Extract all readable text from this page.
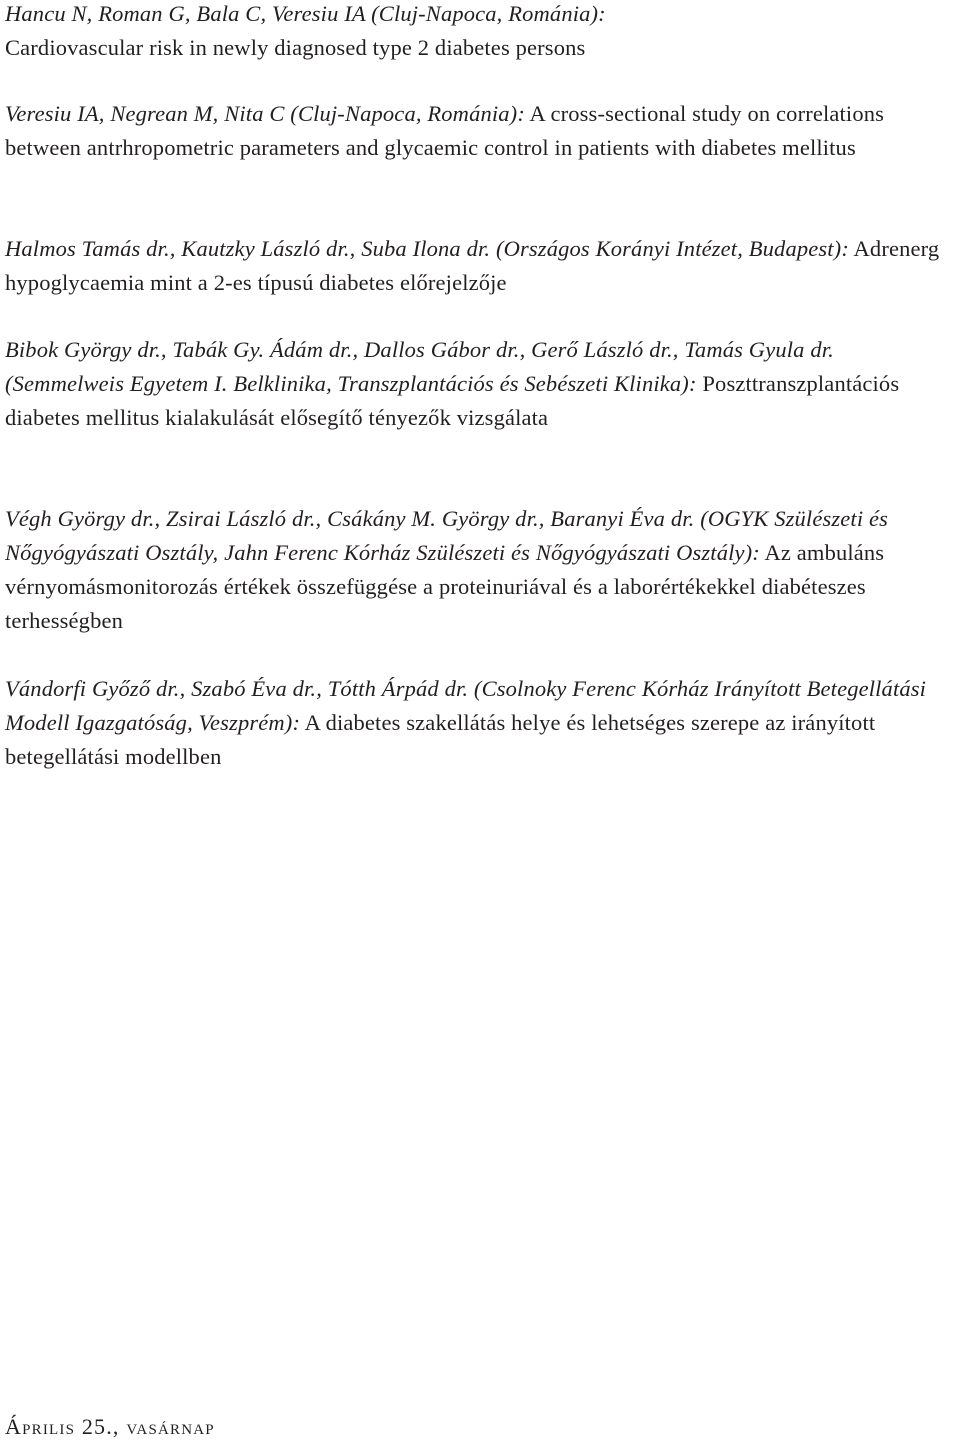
Hancu N, Roman G, Bala C, Veresiu IA (Cluj-Napoca, Románia):
Cardiovascular risk in newly diagnosed type 2 diabetes persons
Veresiu IA, Negrean M, Nita C (Cluj-Napoca, Románia): A cross-sectional study on correlations between antrhropometric parameters and glycaemic control in patients with diabetes mellitus
Halmos Tamás dr., Kautzky László dr., Suba Ilona dr. (Országos Korányi Intézet, Budapest): Adrenerg hypoglycaemia mint a 2-es típusú diabetes előrejelzője
Bibok György dr., Tabák Gy. Ádám dr., Dallos Gábor dr., Gerő László dr., Tamás Gyula dr. (Semmelweis Egyetem I. Belklinika, Transzplantációs és Sebészeti Klinika): Poszttranszplantációs diabetes mellitus kialakulását elősegítő tényezők vizsgálata
Végh György dr., Zsirai László dr., Csákány M. György dr., Baranyi Éva dr. (OGYK Szülészeti és Nőgyógyászati Osztály, Jahn Ferenc Kórház Szülészeti és Nőgyógyászati Osztály): Az ambuláns vérnyomásmonitorozás értékek összefüggése a proteinuriával és a laborértékekkel diabéteszes terhességben
Vándorfi Győző dr., Szabó Éva dr., Tótth Árpád dr. (Csolnoky Ferenc Kórház Irányított Betegellátási Modell Igazgatóság, Veszprém): A diabetes szakellátás helye és lehetséges szerepe az irányított betegellátási modellben
Április 25., vasárnap
